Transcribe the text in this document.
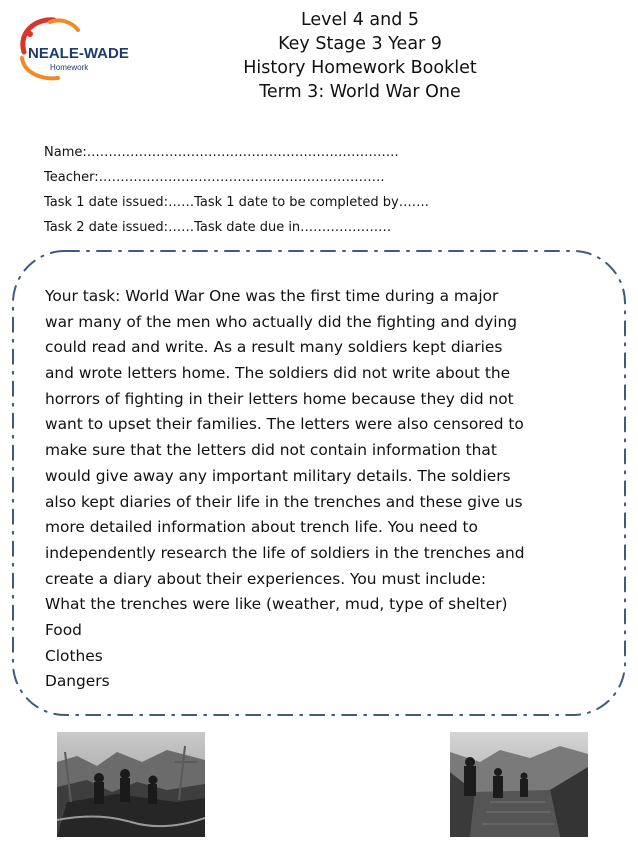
NEALE-WADE
Homework
Level 4 and 5
Key Stage 3 Year 9
History Homework Booklet
Term 3: World War One
Name:………………………………………………………………
Teacher:…………………………………………………………
Task 1 date issued:……Task 1 date to be completed by…….
Task 2 date issued:……Task date due in…………………
Your task: World War One was the first time during a major
war many of the men who actually did the fighting and dying
could read and write. As a result many soldiers kept diaries
and wrote letters home. The soldiers did not write about the
horrors of fighting in their letters home because they did not
want to upset their families. The letters were also censored to
make sure that the letters did not contain information that
would give away any important military details. The soldiers
also kept diaries of their life in the trenches and these give us
more detailed information about trench life. You need to
independently research the life of soldiers in the trenches and
create a diary about their experiences. You must include:
What the trenches were like (weather, mud, type of shelter)
Food
Clothes
Dangers
